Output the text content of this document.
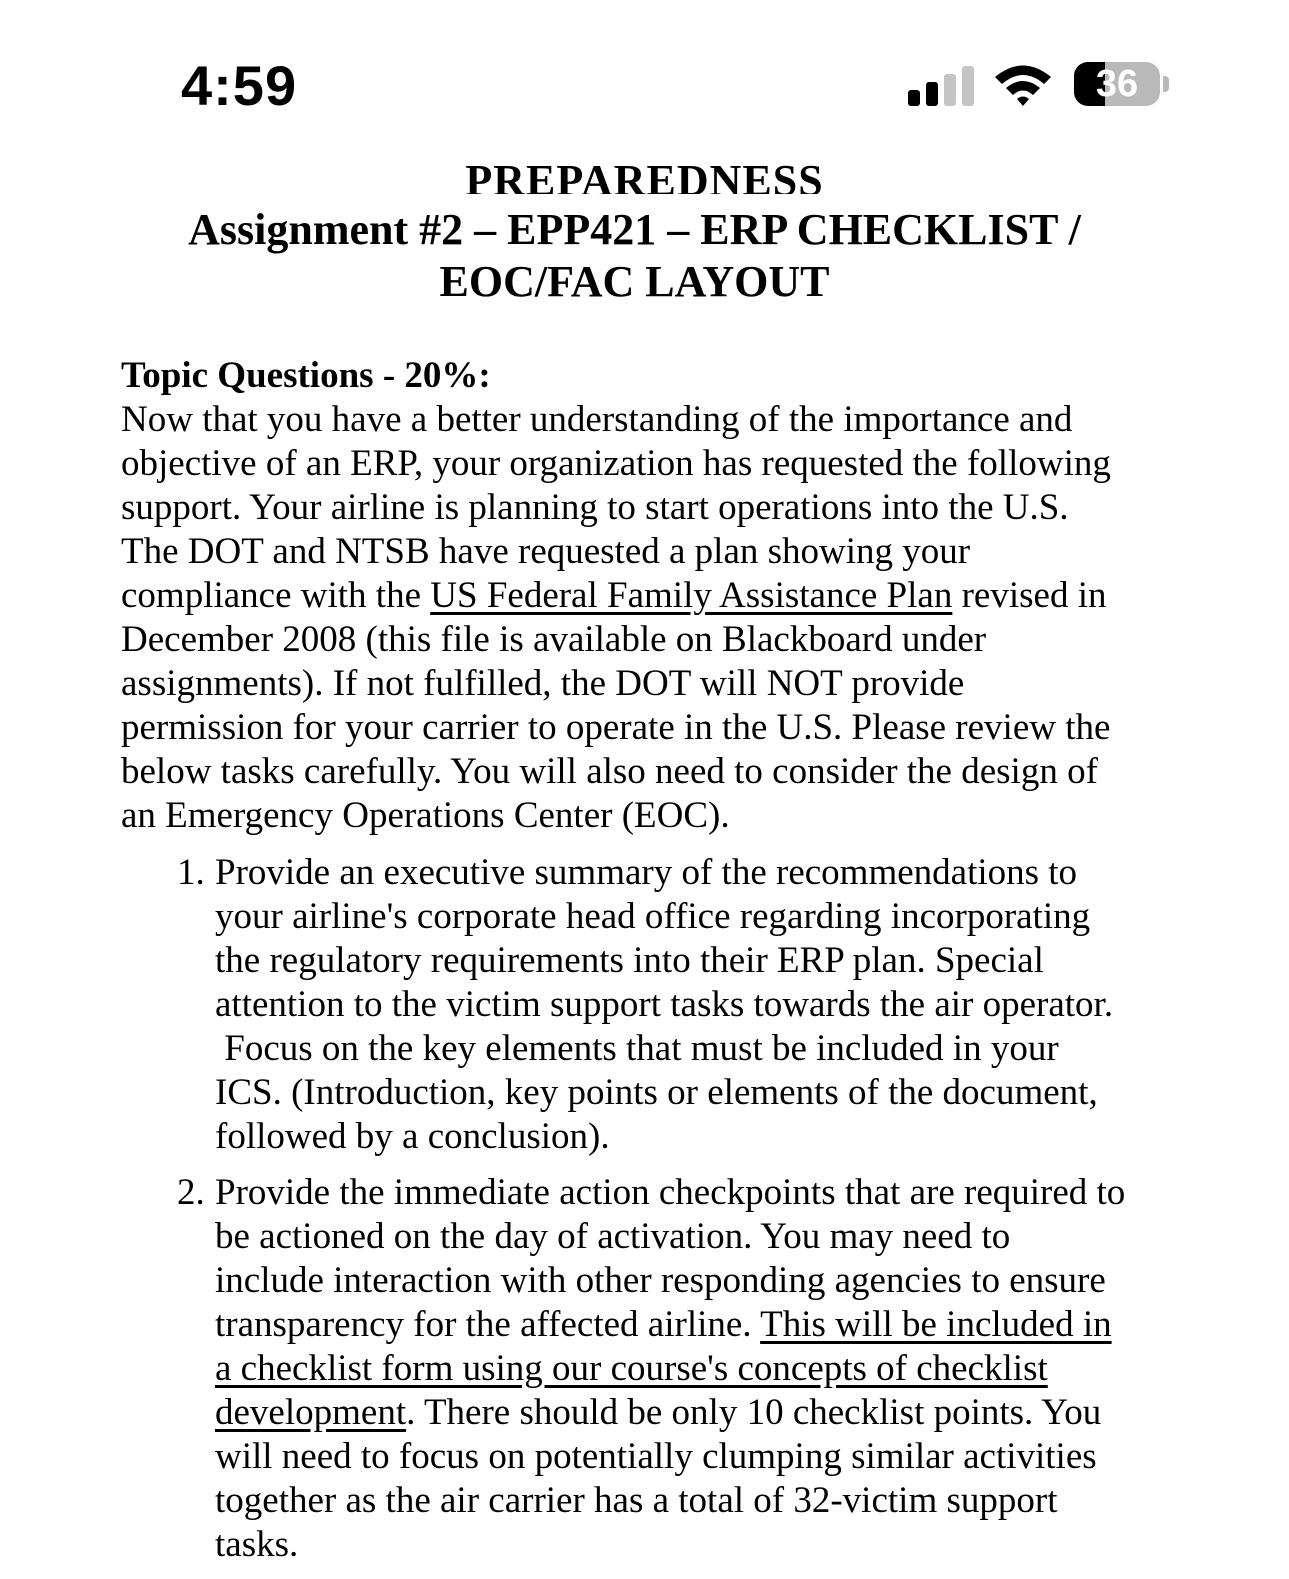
4:59	36
PREPAREDNESS
Assignment #2 – EPP421 – ERP CHECKLIST /
EOC/FAC LAYOUT
Topic Questions - 20%:

Now that you have a better understanding of the importance and
objective of an ERP, your organization has requested the following
support. Your airline is planning to start operations into the U.S.
The DOT and NTSB have requested a plan showing your
compliance with the US Federal Family Assistance Plan revised in
December 2008 (this file is available on Blackboard under
assignments). If not fulfilled, the DOT will NOT provide
permission for your carrier to operate in the U.S. Please review the
below tasks carefully. You will also need to consider the design of
an Emergency Operations Center (EOC).

1. Provide an executive summary of the recommendations to
your airline's corporate head office regarding incorporating
the regulatory requirements into their ERP plan. Special
attention to the victim support tasks towards the air operator.
Focus on the key elements that must be included in your
ICS. (Introduction, key points or elements of the document,
followed by a conclusion).
2. Provide the immediate action checkpoints that are required to
be actioned on the day of activation. You may need to
include interaction with other responding agencies to ensure
transparency for the affected airline. This will be included in
a checklist form using our course's concepts of checklist
development. There should be only 10 checklist points. You
will need to focus on potentially clumping similar activities
together as the air carrier has a total of 32-victim support
tasks.
